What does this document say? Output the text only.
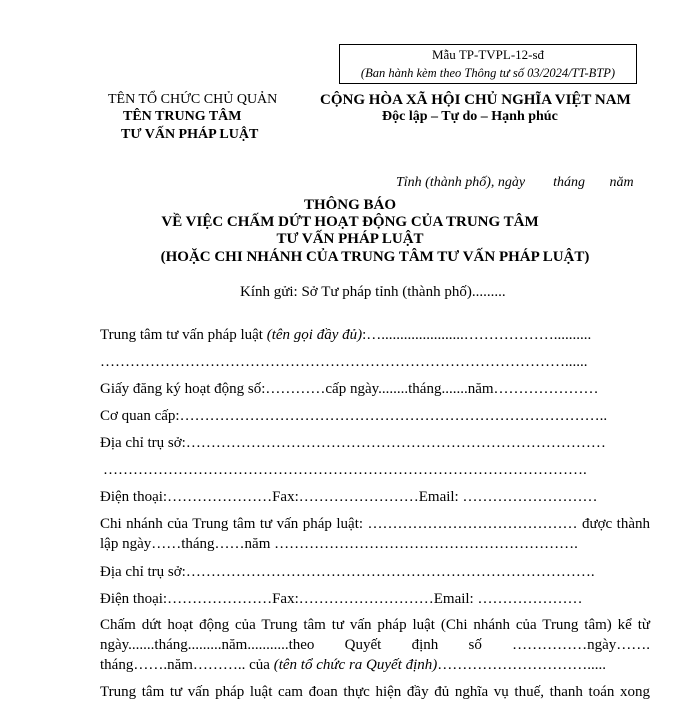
Mẫu TP-TVPL-12-sđ
(Ban hành kèm theo Thông tư số 03/2024/TT-BTP)
TÊN TỔ CHỨC CHỦ QUẢN
TÊN TRUNG TÂM
TƯ VẤN PHÁP LUẬT
CỘNG HÒA XÃ HỘI CHỦ NGHĨA VIỆT NAM
Độc lập – Tự do – Hạnh phúc
Tỉnh (thành phố), ngày        tháng       năm
THÔNG BÁO
VỀ VIỆC CHẤM DỨT HOẠT ĐỘNG CỦA TRUNG TÂM
TƯ VẤN PHÁP LUẬT
(HOẶC CHI NHÁNH CỦA TRUNG TÂM TƯ VẤN PHÁP LUẬT)
Kính gửi: Sở Tư pháp tỉnh (thành phố).........
Trung tâm tư vấn pháp luật (tên gọi đầy đủ):…......................………………..........
…………………………………………………………………………………......
Giấy đăng ký hoạt động số:…………cấp ngày........tháng.......năm…………………
Cơ quan cấp:…………………………………………………………………………..
Địa chỉ trụ sở:…………………………………………………………………………
…………………………………………………………………………………….
Điện thoại:…………………Fax:……………………Email: ………………………
Chi nhánh của Trung tâm tư vấn pháp luật: …………………………………… được thành
lập ngày……tháng……năm …………………………………………………….
Địa chỉ trụ sở:……………………………………………………………………….
Điện thoại:…………………Fax:………………………Email: …………………
Chấm dứt hoạt động của Trung tâm tư vấn pháp luật (Chi nhánh của Trung tâm) kể từ
ngày.......tháng.........năm...........theo Quyết định số ……………ngày…….
tháng…….năm……….. của (tên tổ chức ra Quyết định)………………………….....
Trung tâm tư vấn pháp luật cam đoan thực hiện đầy đủ nghĩa vụ thuế, thanh toán xong
